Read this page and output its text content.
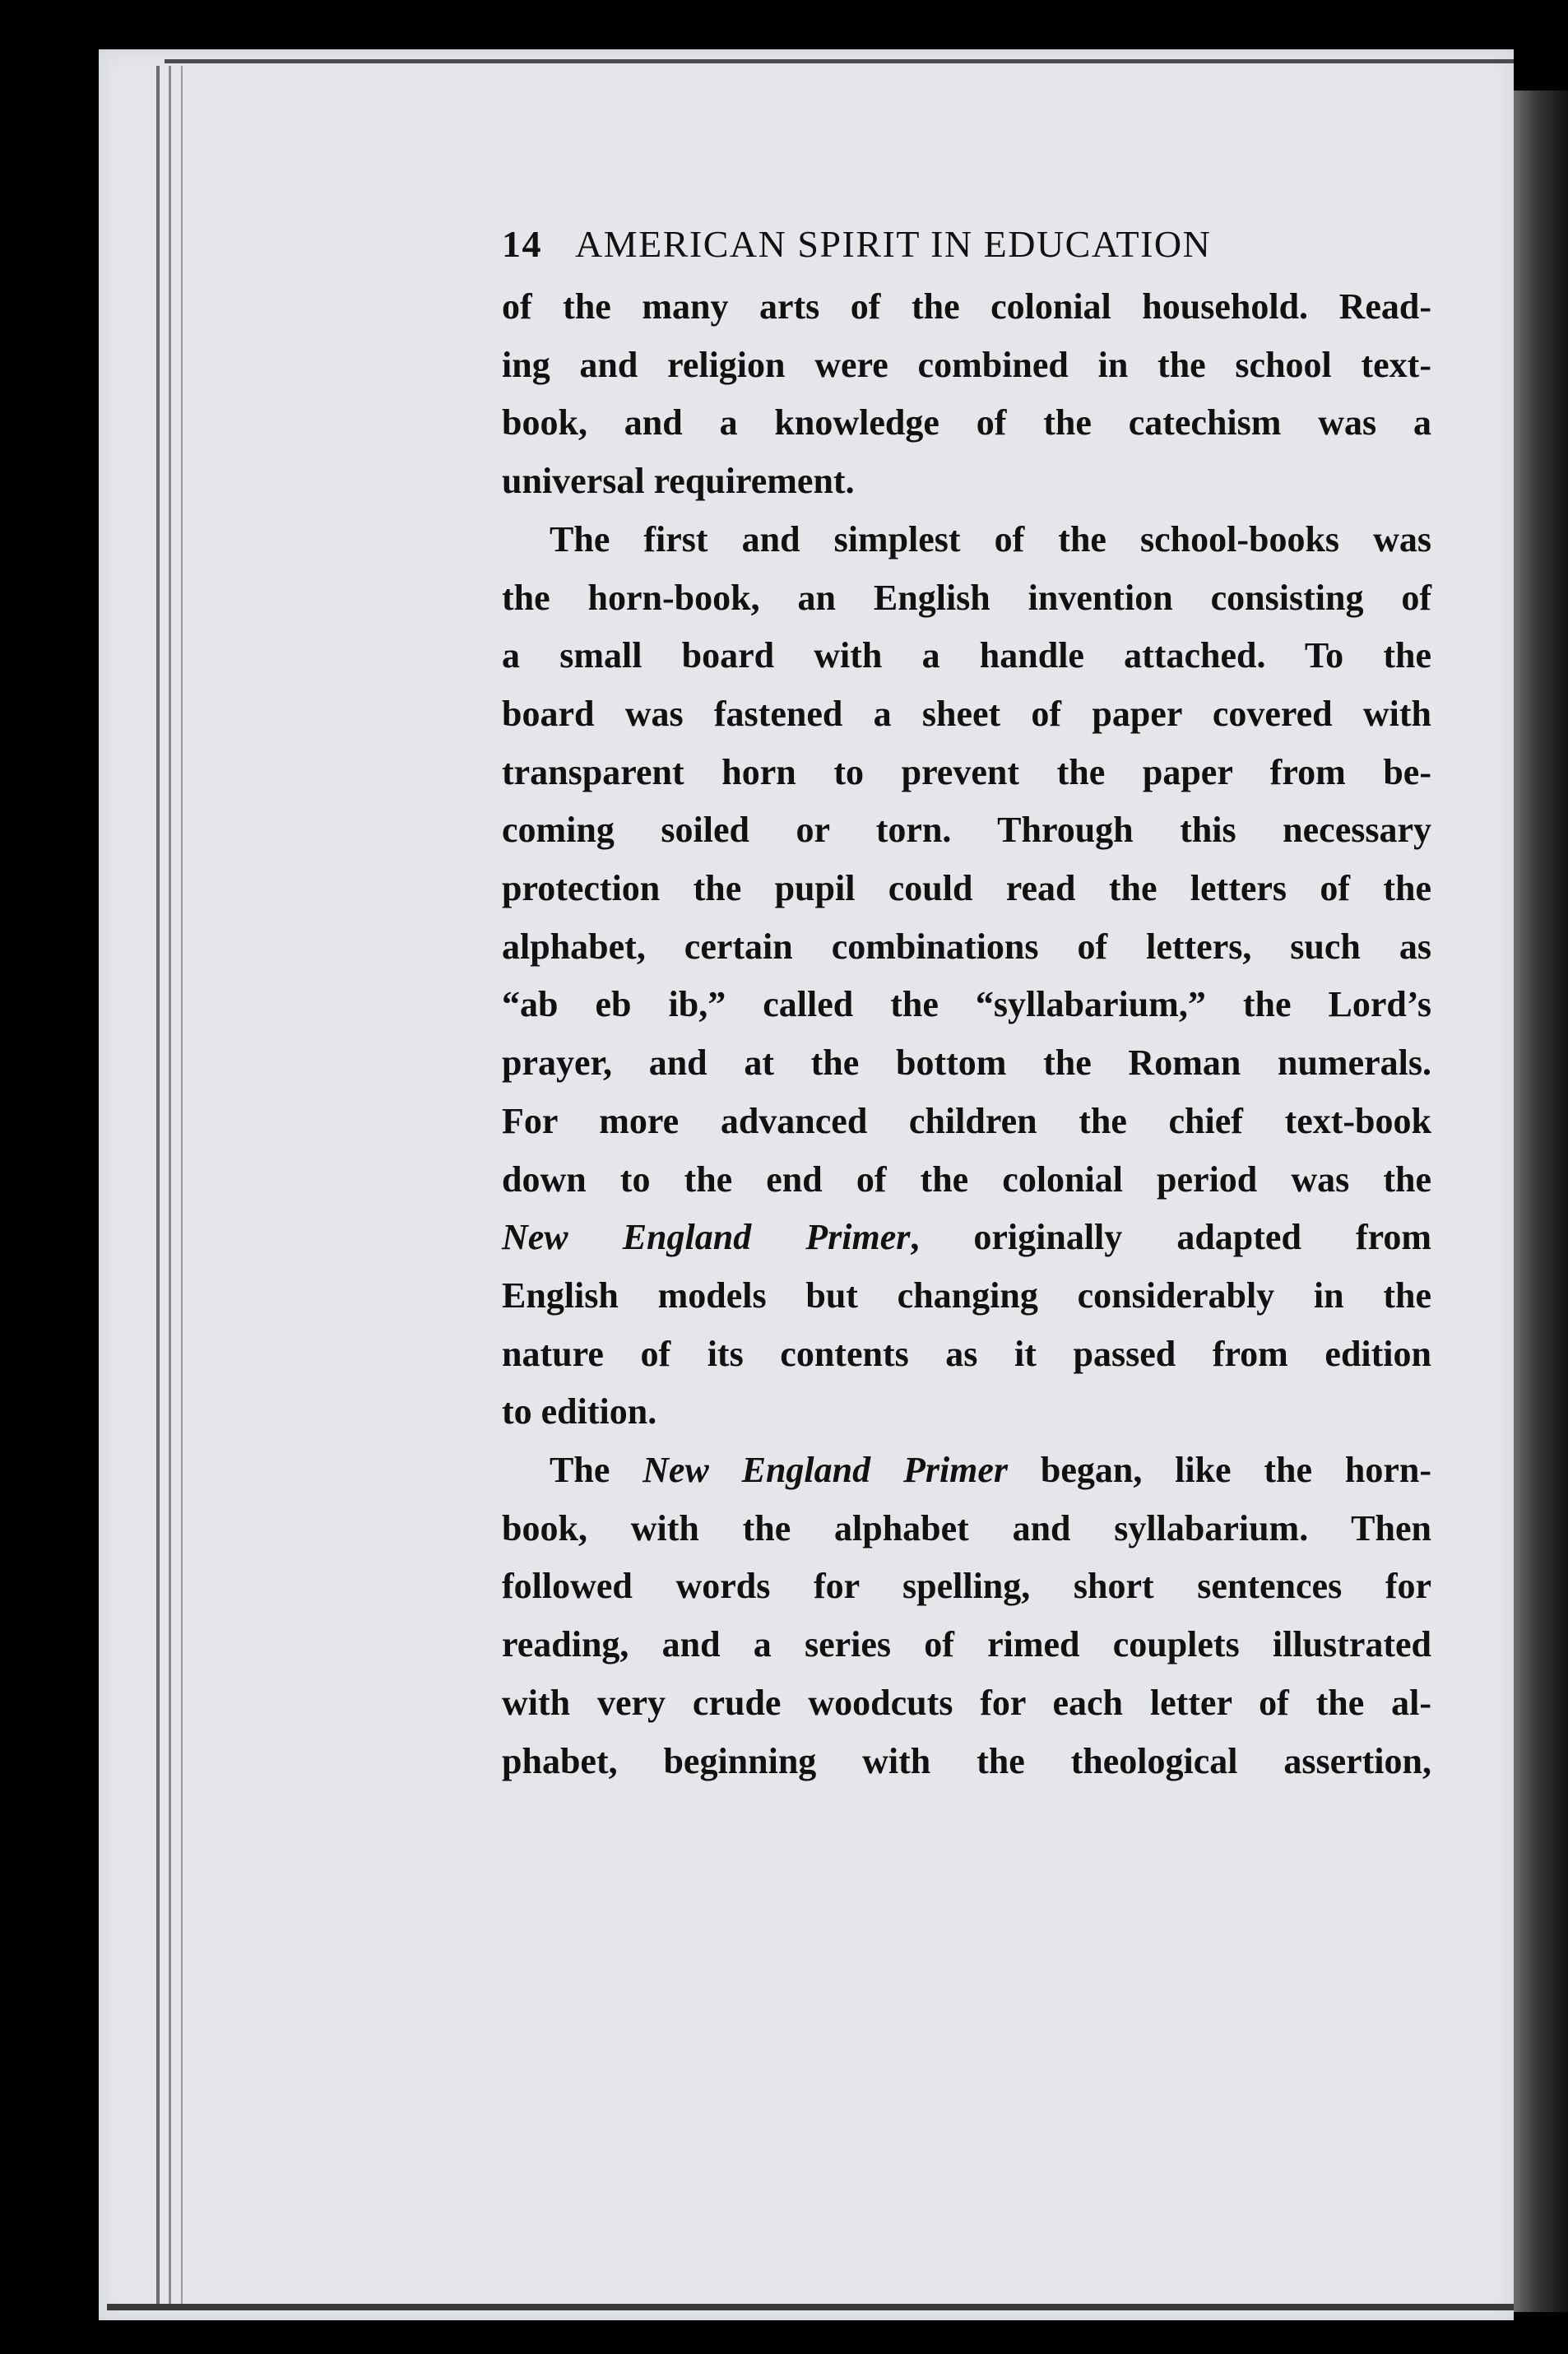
14 AMERICAN SPIRIT IN EDUCATION
of the many arts of the colonial household. Read-
ing and religion were combined in the school text-
book, and a knowledge of the catechism was a
universal requirement.
The first and simplest of the school-books was
the horn-book, an English invention consisting of
a small board with a handle attached. To the
board was fastened a sheet of paper covered with
transparent horn to prevent the paper from be-
coming soiled or torn. Through this necessary
protection the pupil could read the letters of the
alphabet, certain combinations of letters, such as
“ab eb ib,” called the “syllabarium,” the Lord’s
prayer, and at the bottom the Roman numerals.
For more advanced children the chief text-book
down to the end of the colonial period was the
New England Primer, originally adapted from
English models but changing considerably in the
nature of its contents as it passed from edition
to edition.
The New England Primer began, like the horn-
book, with the alphabet and syllabarium. Then
followed words for spelling, short sentences for
reading, and a series of rimed couplets illustrated
with very crude woodcuts for each letter of the al-
phabet, beginning with the theological assertion,
